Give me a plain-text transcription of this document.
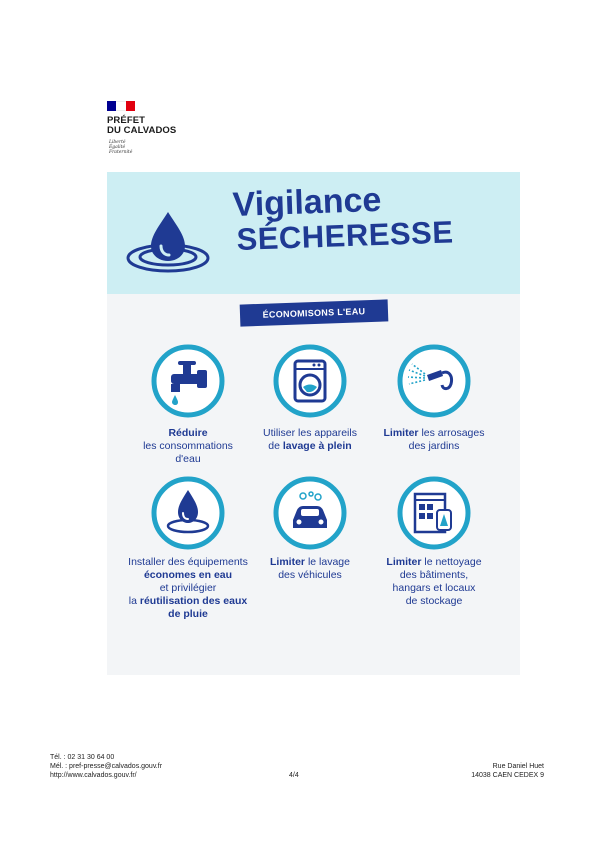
PRÉFET
DU CALVADOS
Liberté
Égalité
Fraternité
Vigilance
SÉCHERESSE
ÉCONOMISONS L'EAU
Réduire
les consommations
d'eau
Utiliser les appareils
de lavage à plein
Limiter les arrosages
des jardins
Installer des équipements
économes en eau
et privilégier
la réutilisation des eaux
de pluie
Limiter le lavage
des véhicules
Limiter le nettoyage
des bâtiments,
hangars et locaux
de stockage
Tél. : 02 31 30 64 00
Mél. : pref-presse@calvados.gouv.fr
http://www.calvados.gouv.fr/	4/4
Rue Daniel Huet
14038 CAEN CEDEX 9
